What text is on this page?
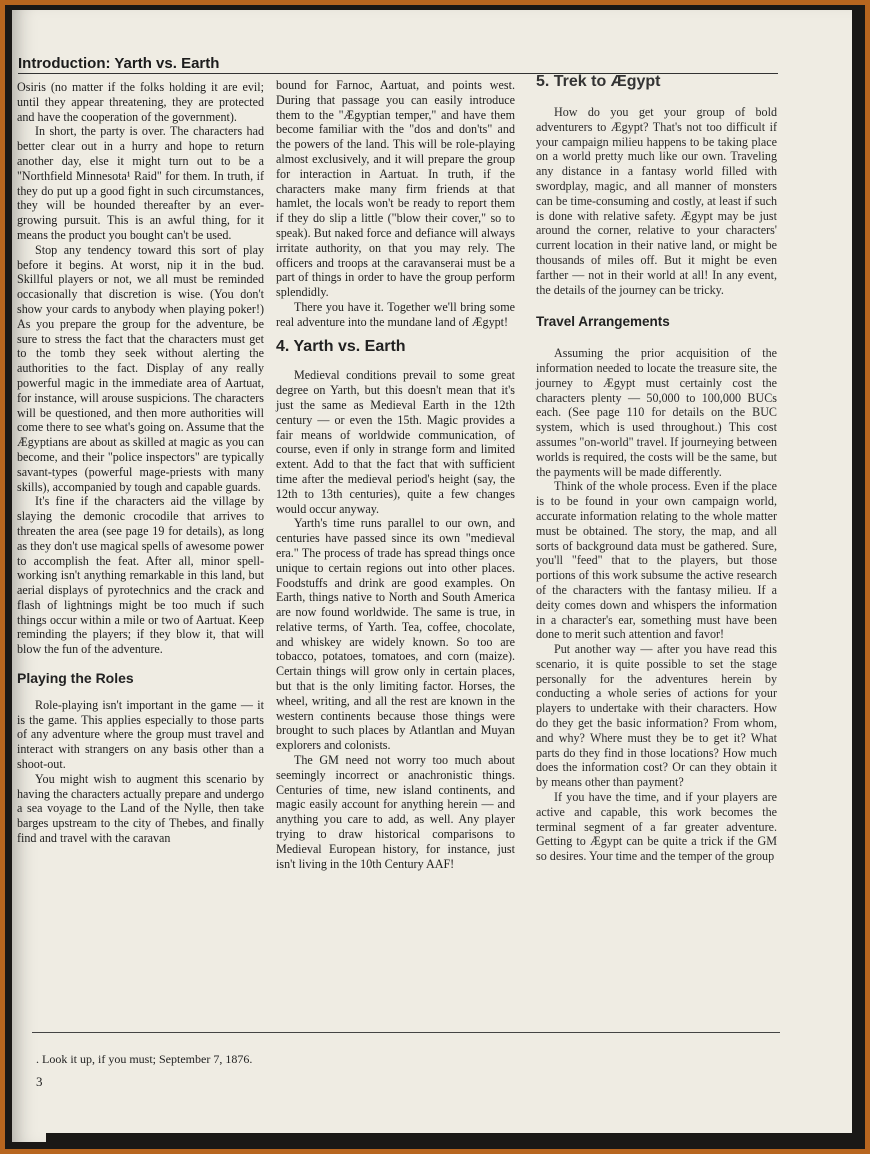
Introduction: Yarth vs. Earth

Osiris (no matter if the folks holding it are evil; until they appear threatening, they are protected and have the cooperation of the government).

In short, the party is over. The characters had better clear out in a hurry and hope to return another day, else it might turn out to be a "Northfield Minnesota¹ Raid" for them. In truth, if they do put up a good fight in such circumstances, they will be hounded thereafter by an ever-growing pursuit. This is an awful thing, for it means the product you bought can't be used.

Stop any tendency toward this sort of play before it begins. At worst, nip it in the bud. Skillful players or not, we all must be reminded occasionally that discretion is wise. (You don't show your cards to anybody when playing poker!) As you prepare the group for the adventure, be sure to stress the fact that the characters must get to the tomb they seek without alerting the authorities to the fact. Display of any really powerful magic in the immediate area of Aartuat, for instance, will arouse suspicions. The characters will be questioned, and then more authorities will come there to see what's going on. Assume that the Ægyptians are about as skilled at magic as you can become, and their "police inspectors" are typically savant-types (powerful mage-priests with many skills), accompanied by tough and capable guards.

It's fine if the characters aid the village by slaying the demonic crocodile that arrives to threaten the area (see page 19 for details), as long as they don't use magical spells of awesome power to accomplish the feat. After all, minor spell-working isn't anything remarkable in this land, but aerial displays of pyrotechnics and the crack and flash of lightnings might be too much if such things occur within a mile or two of Aartuat. Keep reminding the players; if they blow it, that will blow the fun of the adventure.

Playing the Roles

Role-playing isn't important in the game — it is the game. This applies especially to those parts of any adventure where the group must travel and interact with strangers on any basis other than a shoot-out.

You might wish to augment this scenario by having the characters actually prepare and undergo a sea voyage to the Land of the Nylle, then take barges upstream to the city of Thebes, and finally find and travel with the caravan

bound for Farnoc, Aartuat, and points west. During that passage you can easily introduce them to the "Ægyptian temper," and have them become familiar with the "dos and don'ts" and the powers of the land. This will be role-playing almost exclusively, and it will prepare the group for interaction in Aartuat. In truth, if the characters make many firm friends at that hamlet, the locals won't be ready to report them if they do slip a little ("blow their cover," so to speak). But naked force and defiance will always irritate authority, on that you may rely. The officers and troops at the caravanserai must be a part of things in order to have the group perform splendidly.

There you have it. Together we'll bring some real adventure into the mundane land of Ægypt!

4. Yarth vs. Earth

Medieval conditions prevail to some great degree on Yarth, but this doesn't mean that it's just the same as Medieval Earth in the 12th century — or even the 15th. Magic provides a fair means of worldwide communication, of course, even if only in strange form and limited extent. Add to that the fact that with sufficient time after the medieval period's height (say, the 12th to 13th centuries), quite a few changes would occur anyway.

Yarth's time runs parallel to our own, and centuries have passed since its own "medieval era." The process of trade has spread things once unique to certain regions out into other places. Foodstuffs and drink are good examples. On Earth, things native to North and South America are now found worldwide. The same is true, in relative terms, of Yarth. Tea, coffee, chocolate, and whiskey are widely known. So too are tobacco, potatoes, tomatoes, and corn (maize). Certain things will grow only in certain places, but that is the only limiting factor. Horses, the wheel, writing, and all the rest are known in the western continents because those things were brought to such places by Atlantlan and Muyan explorers and colonists.

The GM need not worry too much about seemingly incorrect or anachronistic things. Centuries of time, new island continents, and magic easily account for anything herein — and anything you care to add, as well. Any player trying to draw historical comparisons to Medieval European history, for instance, just isn't living in the 10th Century AAF!

5. Trek to Ægypt

How do you get your group of bold adventurers to Ægypt? That's not too difficult if your campaign milieu happens to be taking place on a world pretty much like our own. Traveling any distance in a fantasy world filled with swordplay, magic, and all manner of monsters can be time-consuming and costly, at least if such is done with relative safety. Ægypt may be just around the corner, relative to your characters' current location in their native land, or might be thousands of miles off. But it might be even farther — not in their world at all! In any event, the details of the journey can be tricky.

Travel Arrangements

Assuming the prior acquisition of the information needed to locate the treasure site, the journey to Ægypt must certainly cost the characters plenty — 50,000 to 100,000 BUCs each. (See page 110 for details on the BUC system, which is used throughout.) This cost assumes "on-world" travel. If journeying between worlds is required, the costs will be the same, but the payments will be made differently.

Think of the whole process. Even if the place is to be found in your own campaign world, accurate information relating to the whole matter must be obtained. The story, the map, and all sorts of background data must be gathered. Sure, you'll "feed" that to the players, but those portions of this work subsume the active research of the characters with the fantasy milieu. If a deity comes down and whispers the information in a character's ear, something must have been done to merit such attention and favor!

Put another way — after you have read this scenario, it is quite possible to set the stage personally for the adventures herein by conducting a whole series of actions for your players to undertake with their characters. How do they get the basic information? From whom, and why? Where must they be to get it? What parts do they find in those locations? How much does the information cost? Or can they obtain it by means other than payment?

If you have the time, and if your players are active and capable, this work becomes the terminal segment of a far greater adventure. Getting to Ægypt can be quite a trick if the GM so desires. Your time and the temper of the group

. Look it up, if you must; September 7, 1876.
3
